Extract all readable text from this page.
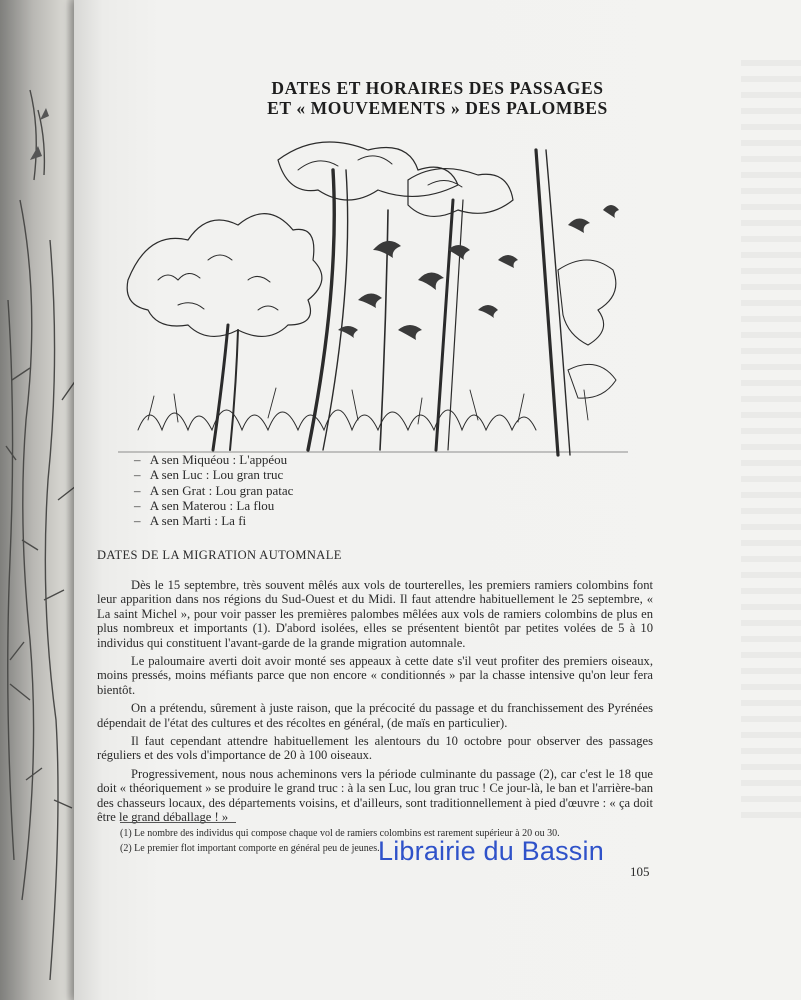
DATES ET HORAIRES DES PASSAGES
ET « MOUVEMENTS » DES PALOMBES
– A sen Miquéou : L'appéou
– A sen Luc : Lou gran truc
– A sen Grat : Lou gran patac
– A sen Materou : La flou
– A sen Marti : La fi
DATES DE LA MIGRATION AUTOMNALE

Dès le 15 septembre, très souvent mêlés aux vols de tourterelles, les premiers ramiers colombins font leur apparition dans nos régions du Sud-Ouest et du Midi. Il faut attendre habituellement le 25 septembre, « La saint Michel », pour voir passer les premières palombes mêlées aux vols de ramiers colombins de plus en plus nombreux et importants (1). D'abord isolées, elles se présentent bientôt par petites volées de 5 à 10 individus qui constituent l'avant-garde de la grande migration automnale.

Le paloumaire averti doit avoir monté ses appeaux à cette date s'il veut profiter des premiers oiseaux, moins pressés, moins méfiants parce que non encore « conditionnés » par la chasse intensive qu'on leur fera bientôt.

On a prétendu, sûrement à juste raison, que la précocité du passage et du franchissement des Pyrénées dépendait de l'état des cultures et des récoltes en général, (de maïs en particulier).

Il faut cependant attendre habituellement les alentours du 10 octobre pour observer des passages réguliers et des vols d'importance de 20 à 100 oiseaux.

Progressivement, nous nous acheminons vers la période culminante du passage (2), car c'est le 18 que doit « théoriquement » se produire le grand truc : à la sen Luc, lou gran truc ! Ce jour-là, le ban et l'arrière-ban des chasseurs locaux, des départements voisins, et d'ailleurs, sont traditionnellement à pied d'œuvre : « ça doit être le grand déballage ! »

(1) Le nombre des individus qui compose chaque vol de ramiers colombins est rarement supérieur à 20 ou 30.
(2) Le premier flot important comporte en général peu de jeunes.
105
Librairie du Bassin
